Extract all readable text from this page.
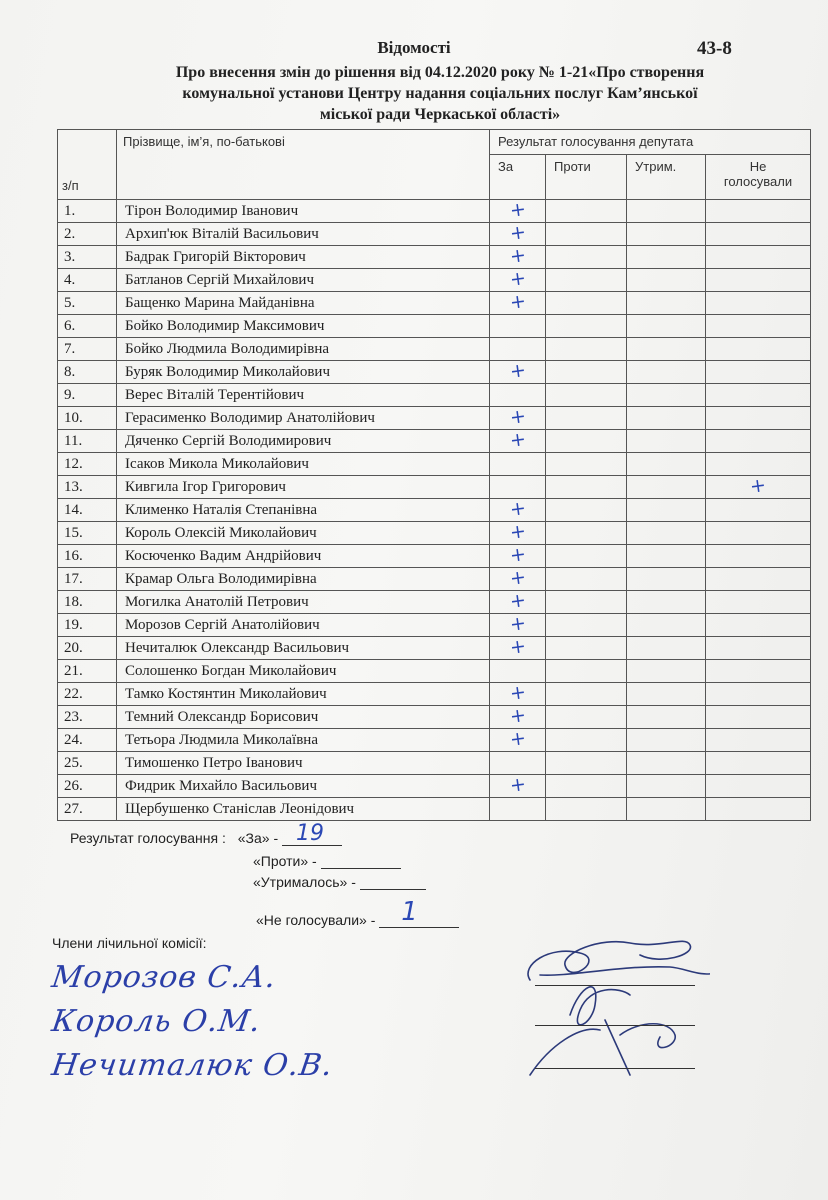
Відомості	43-8
Про внесення змін до рішення від 04.12.2020 року № 1-21«Про створення
комунальної установи Центру надання соціальних послуг Кам’янської
міської ради Черкаської області»
з/п	Прізвище, ім’я, по-батькові	Результат голосування депутата			
		За	Проти	Утрим.	Не
голосували

1.	Тірон Володимир Іванович	+			
2.	Архип'юк Віталій Васильович	+			
3.	Бадрак Григорій Вікторович	+			
4.	Батланов Сергій Михайлович	+			
5.	Бащенко Марина Майданівна	+			
6.	Бойко Володимир Максимович				
7.	Бойко Людмила Володимирівна				
8.	Буряк Володимир Миколайович	+			
9.	Верес Віталій Терентійович				
10.	Герасименко Володимир Анатолійович	+			
11.	Дяченко Сергій Володимирович	+			
12.	Ісаков Микола Миколайович				
13.	Кивгила Ігор Григорович				+
14.	Клименко Наталія Степанівна	+			
15.	Король Олексій Миколайович	+			
16.	Косюченко Вадим Андрійович	+			
17.	Крамар Ольга Володимирівна	+			
18.	Могилка Анатолій Петрович	+			
19.	Морозов Сергій Анатолійович	+			
20.	Нечиталюк Олександр Васильович	+			
21.	Солошенко Богдан Миколайович				
22.	Тамко Костянтин Миколайович	+			
23.	Темний Олександр Борисович	+			
24.	Тетьора Людмила Миколаївна	+			
25.	Тимошенко Петро Іванович				
26.	Фидрик Михайло Васильович	+			
27.	Щербушенко Станіслав Леонідович				
Результат голосування : «За» - 19
«Проти» -
«Утрималось» -
«Не голосували» - 1
Члени лічильної комісії:
Морозов С.А.
Король О.М.
Нечиталюк О.В.
